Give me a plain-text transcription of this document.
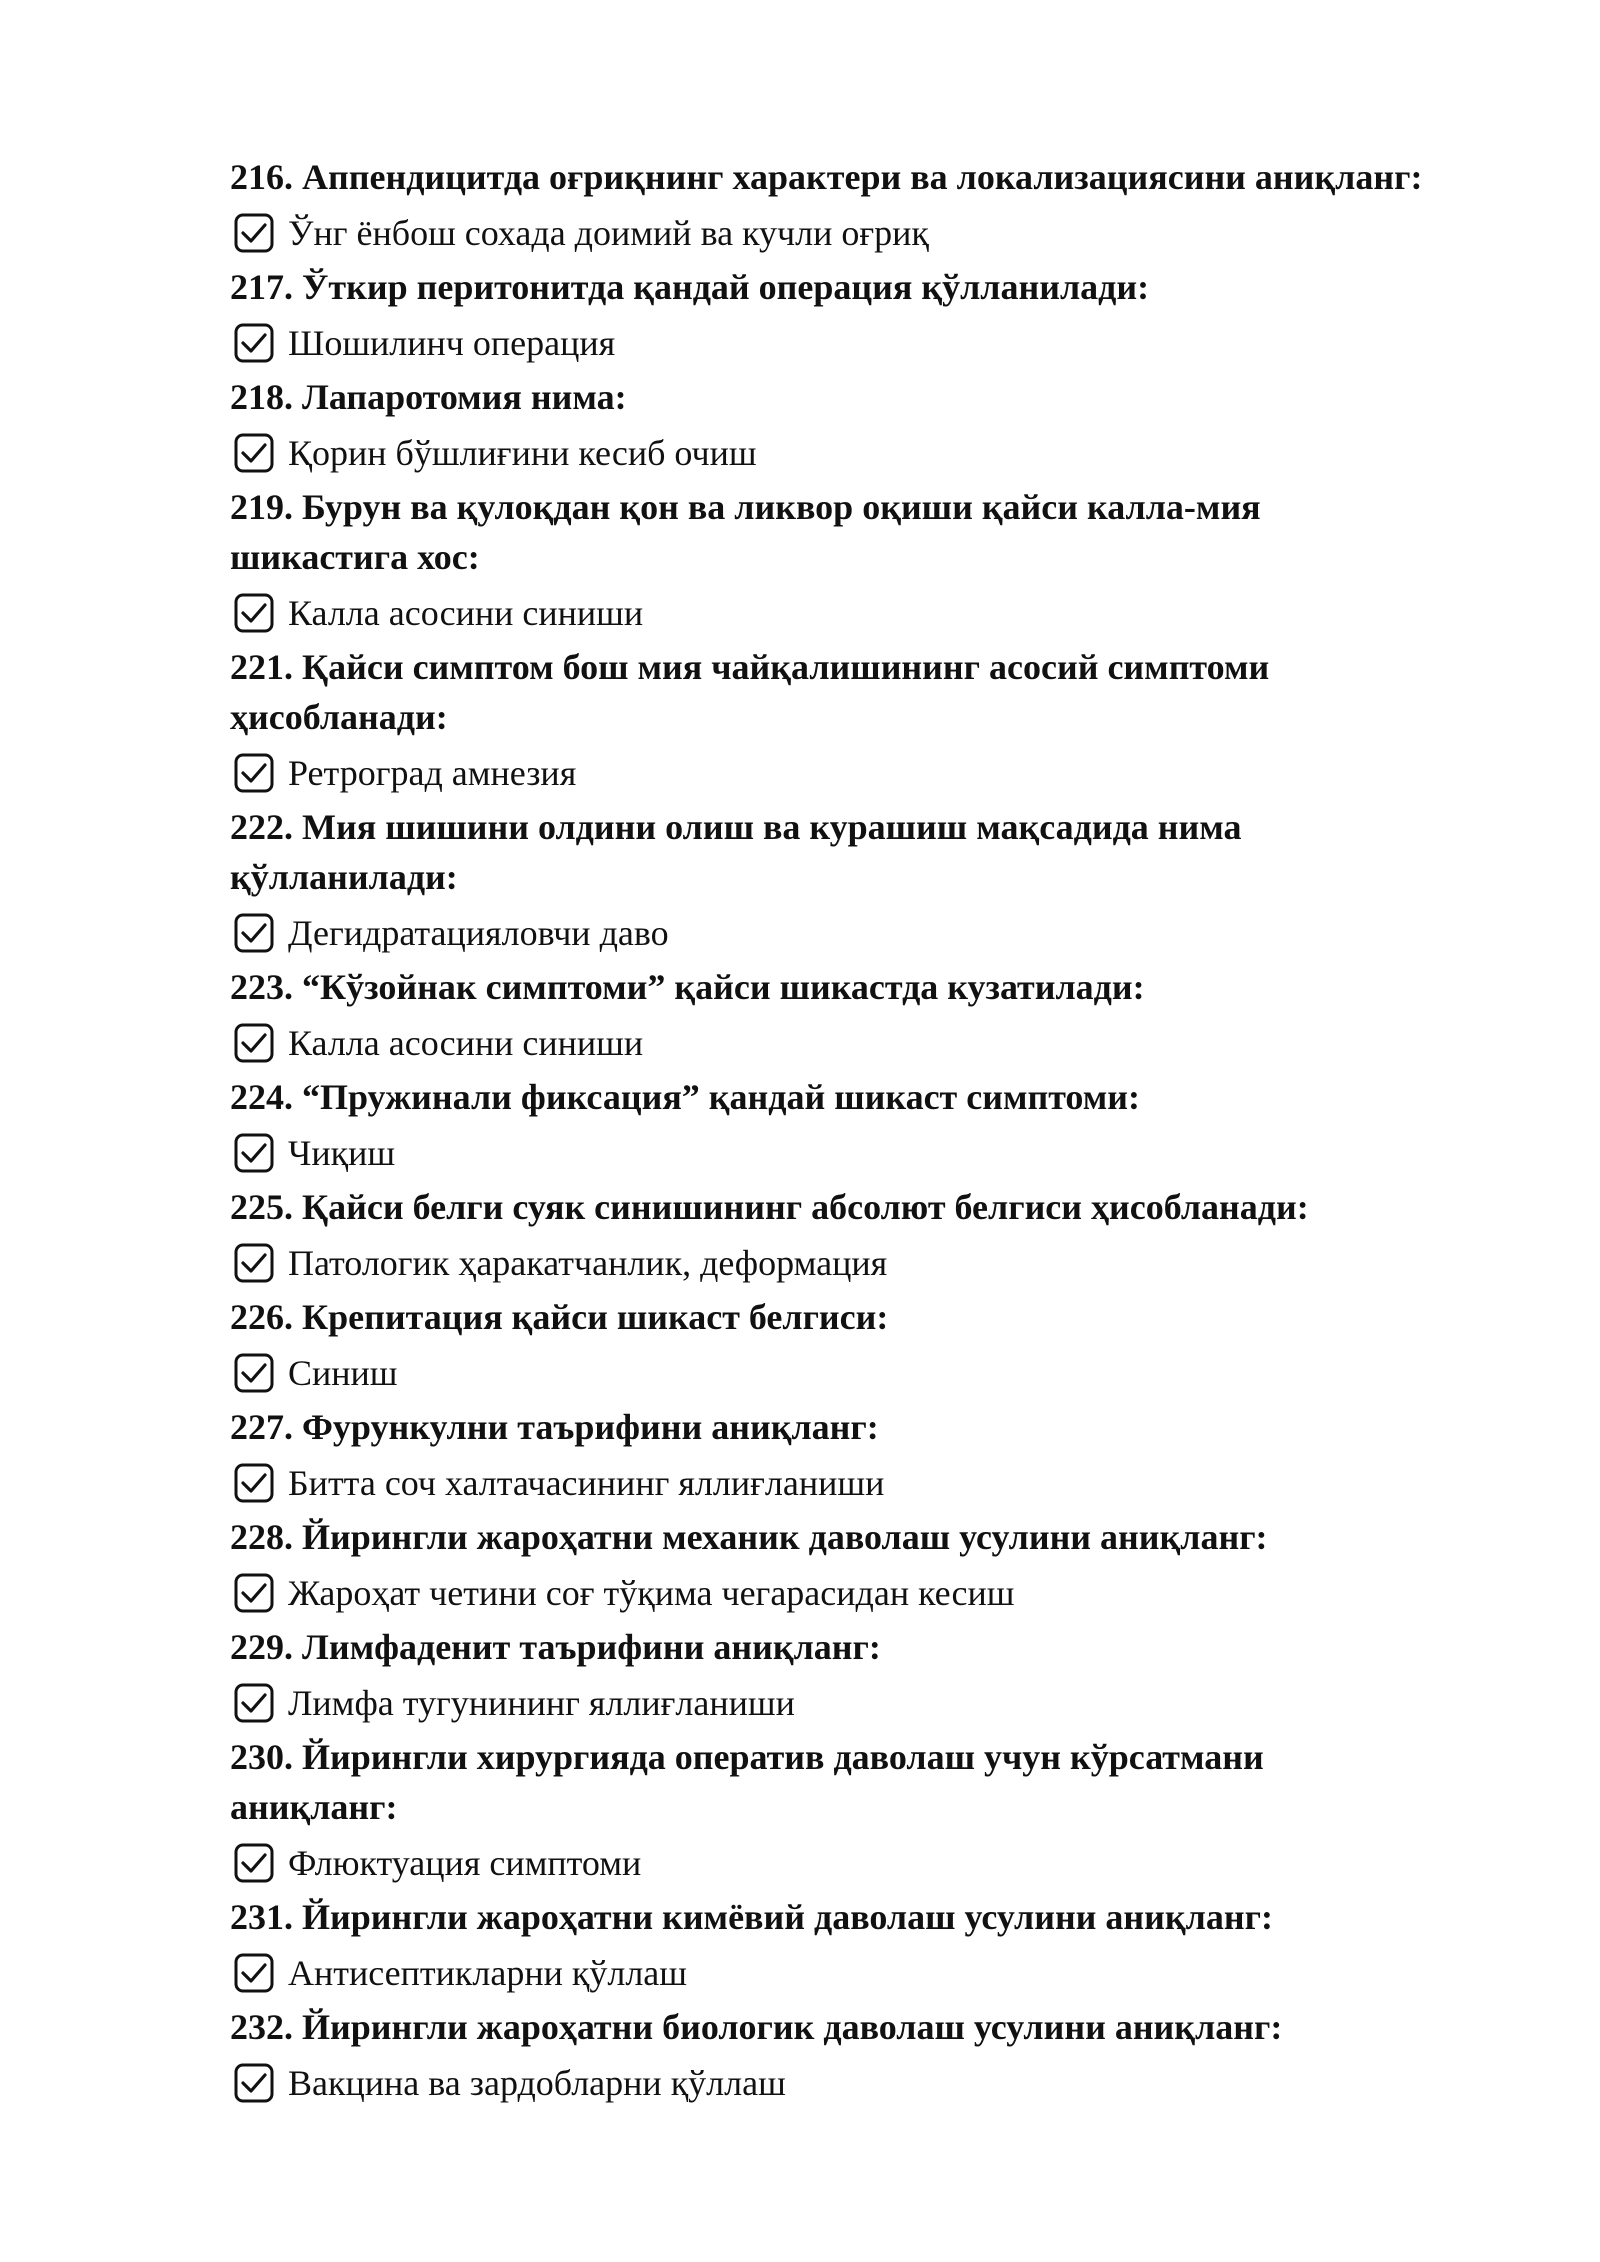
216. Аппендицитда оғриқнинг характери ва локализациясини аниқланг:

Ўнг ёнбош сохада доимий ва кучли оғриқ

217. Ўткир перитонитда қандай операция қўлланилади:

Шошилинч операция

218. Лапаротомия нима:

Қорин бўшлиғини кесиб очиш

219. Бурун ва қулоқдан қон ва ликвор оқиши қайси калла-мия шикастига хос:

Калла асосини синиши

221. Қайси симптом бош мия чайқалишининг асосий симптоми ҳисобланади:

Ретроград амнезия

222. Мия шишини олдини олиш ва курашиш мақсадида нима қўлланилади:

Дегидратацияловчи даво

223. “Кўзойнак симптоми” қайси шикастда кузатилади:

Калла асосини синиши

224. “Пружинали фиксация” қандай шикаст симптоми:

Чиқиш

225. Қайси белги суяк синишининг абсолют белгиси ҳисобланади:

Патологик ҳаракатчанлик, деформация

226. Крепитация қайси шикаст белгиси:

Синиш

227. Фурункулни таърифини аниқланг:

Битта соч халтачасининг яллиғланиши

228. Йирингли жароҳатни механик даволаш усулини аниқланг:

Жароҳат четини соғ тўқима чегарасидан кесиш

229. Лимфаденит таърифини аниқланг:

Лимфа тугунининг яллиғланиши

230. Йирингли хирургияда оператив даволаш учун кўрсатмани аниқланг:

Флюктуация симптоми

231. Йирингли жароҳатни кимёвий даволаш усулини аниқланг:

Антисептикларни қўллаш

232. Йирингли жароҳатни биологик даволаш усулини аниқланг:

Вакцина ва зардобларни қўллаш
